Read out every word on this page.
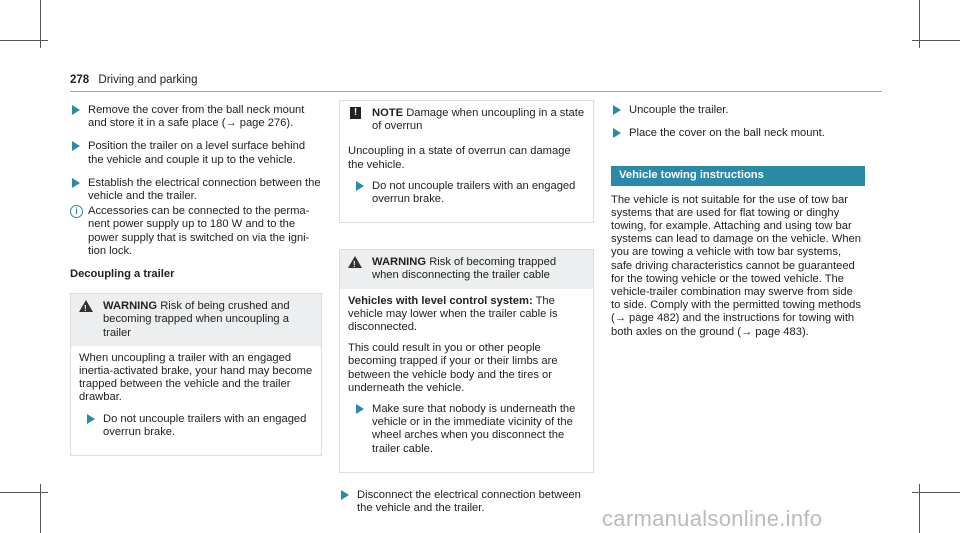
278 Driving and parking
Remove the cover from the ball neck mount and store it in a safe place (→ page 276).
Position the trailer on a level surface behind the vehicle and couple it up to the vehicle.
Establish the electrical connection between the vehicle and the trailer.
i Accessories can be connected to the permanent power supply up to 180 W and to the power supply that is switched on via the ignition lock.
Decoupling a trailer
! WARNING Risk of being crushed and becoming trapped when uncoupling a trailer
When uncoupling a trailer with an engaged inertia-activated brake, your hand may become trapped between the vehicle and the trailer drawbar.
Do not uncouple trailers with an engaged overrun brake.
!	NOTE Damage when uncoupling in a state of overrun
Uncoupling in a state of overrun can damage the vehicle.
Do not uncouple trailers with an engaged overrun brake.
! WARNING Risk of becoming trapped when disconnecting the trailer cable
Vehicles with level control system: The vehicle may lower when the trailer cable is disconnected.
This could result in you or other people becoming trapped if your or their limbs are between the vehicle body and the tires or underneath the vehicle.
Make sure that nobody is underneath the vehicle or in the immediate vicinity of the wheel arches when you disconnect the trailer cable.
Disconnect the electrical connection between the vehicle and the trailer.
Uncouple the trailer.
Place the cover on the ball neck mount.
Vehicle towing instructions
The vehicle is not suitable for the use of tow bar systems that are used for flat towing or dinghy towing, for example. Attaching and using tow bar systems can lead to damage on the vehicle. When you are towing a vehicle with tow bar systems, safe driving characteristics cannot be guaranteed for the towing vehicle or the towed vehicle. The vehicle-trailer combination may swerve from side to side. Comply with the permitted towing methods (→ page 482) and the instructions for towing with both axles on the ground (→ page 483).
carmanualsonline.info
